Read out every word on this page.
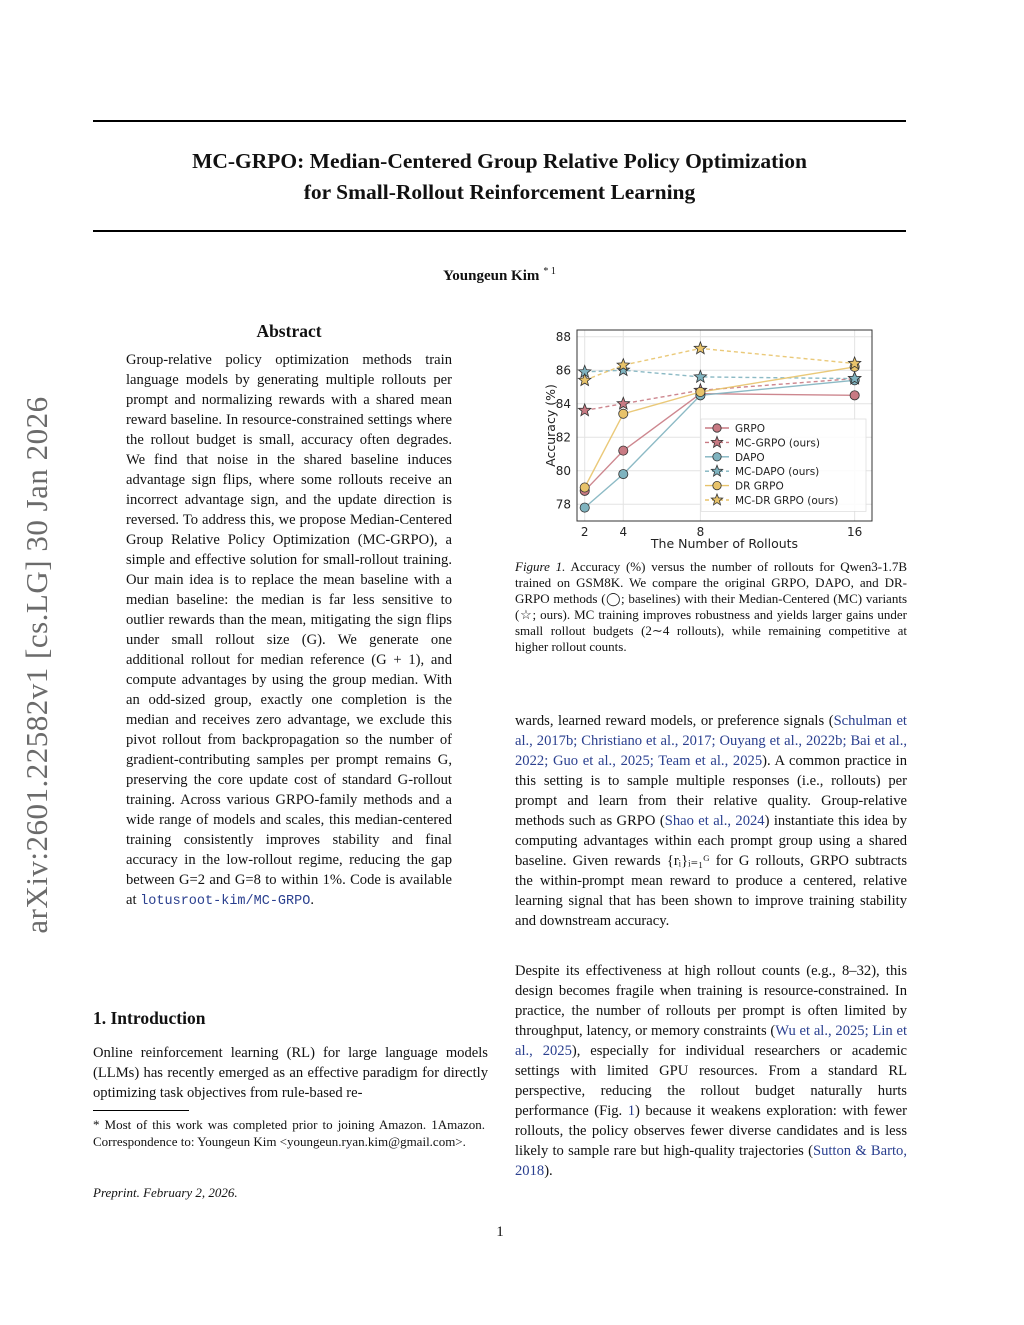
arXiv:2601.22582v1 [cs.LG] 30 Jan 2026
MC-GRPO: Median-Centered Group Relative Policy Optimization
for Small-Rollout Reinforcement Learning
Youngeun Kim $^{* 1}$
Abstract
Group-relative policy optimization methods train language models by generating multiple rollouts per prompt and normalizing rewards with a shared mean reward baseline. In resource-constrained settings where the rollout budget is small, accuracy often degrades. We find that noise in the shared baseline induces advantage sign flips, where some rollouts receive an incorrect advantage sign, and the update direction is reversed. To address this, we propose Median-Centered Group Relative Policy Optimization (MC-GRPO), a simple and effective solution for small-rollout training. Our main idea is to replace the mean baseline with a median baseline: the median is far less sensitive to outlier rewards than the mean, mitigating the sign flips under small rollout size (G). We generate one additional rollout for median reference (G + 1), and compute advantages by using the group median. With an odd-sized group, exactly one completion is the median and receives zero advantage, we exclude this pivot rollout from backpropagation so the number of gradient-contributing samples per prompt remains G, preserving the core update cost of standard G-rollout training. Across various GRPO-family methods and a wide range of models and scales, this median-centered training consistently improves stability and final accuracy in the low-rollout regime, reducing the gap between G=2 and G=8 to within 1%. Code is available at lotusroot-kim/MC-GRPO.
1. Introduction
Online reinforcement learning (RL) for large language models (LLMs) has recently emerged as an effective paradigm for directly optimizing task objectives from rule-based re-
* Most of this work was completed prior to joining Amazon. 1Amazon. Correspondence to: Youngeun Kim <youngeun.ryan.kim@gmail.com>.
Preprint. February 2, 2026.
78
80
82
84
86
88
2	4	8	16
The Number of Rollouts
Accuracy (%)	GRPO
MC-GRPO (ours)
DAPO
MC-DAPO (ours)
DR GRPO
MC-DR GRPO (ours)
Figure 1. Accuracy (%) versus the number of rollouts for Qwen3-1.7B trained on GSM8K. We compare the original GRPO, DAPO, and DR-GRPO methods (◯; baselines) with their Median-Centered (MC) variants (☆; ours). MC training improves robustness and yields larger gains under small rollout budgets (2∼4 rollouts), while remaining competitive at higher rollout counts.
wards, learned reward models, or preference signals (Schulman et al., 2017b; Christiano et al., 2017; Ouyang et al., 2022b; Bai et al., 2022; Guo et al., 2025; Team et al., 2025). A common practice in this setting is to sample multiple responses (i.e., rollouts) per prompt and learn from their relative quality. Group-relative methods such as GRPO (Shao et al., 2024) instantiate this idea by computing advantages within each prompt group using a shared baseline. Given rewards {rᵢ}ᵢ₌₁ᴳ for G rollouts, GRPO subtracts the within-prompt mean reward to produce a centered, relative learning signal that has been shown to improve training stability and downstream accuracy.
Despite its effectiveness at high rollout counts (e.g., 8–32), this design becomes fragile when training is resource-constrained. In practice, the number of rollouts per prompt is often limited by throughput, latency, or memory constraints (Wu et al., 2025; Lin et al., 2025), especially for individual researchers or academic settings with limited GPU resources. From a standard RL perspective, reducing the rollout budget naturally hurts performance (Fig. 1) because it weakens exploration: with fewer rollouts, the policy observes fewer diverse candidates and is less likely to sample rare but high-quality trajectories (Sutton & Barto, 2018).
1
